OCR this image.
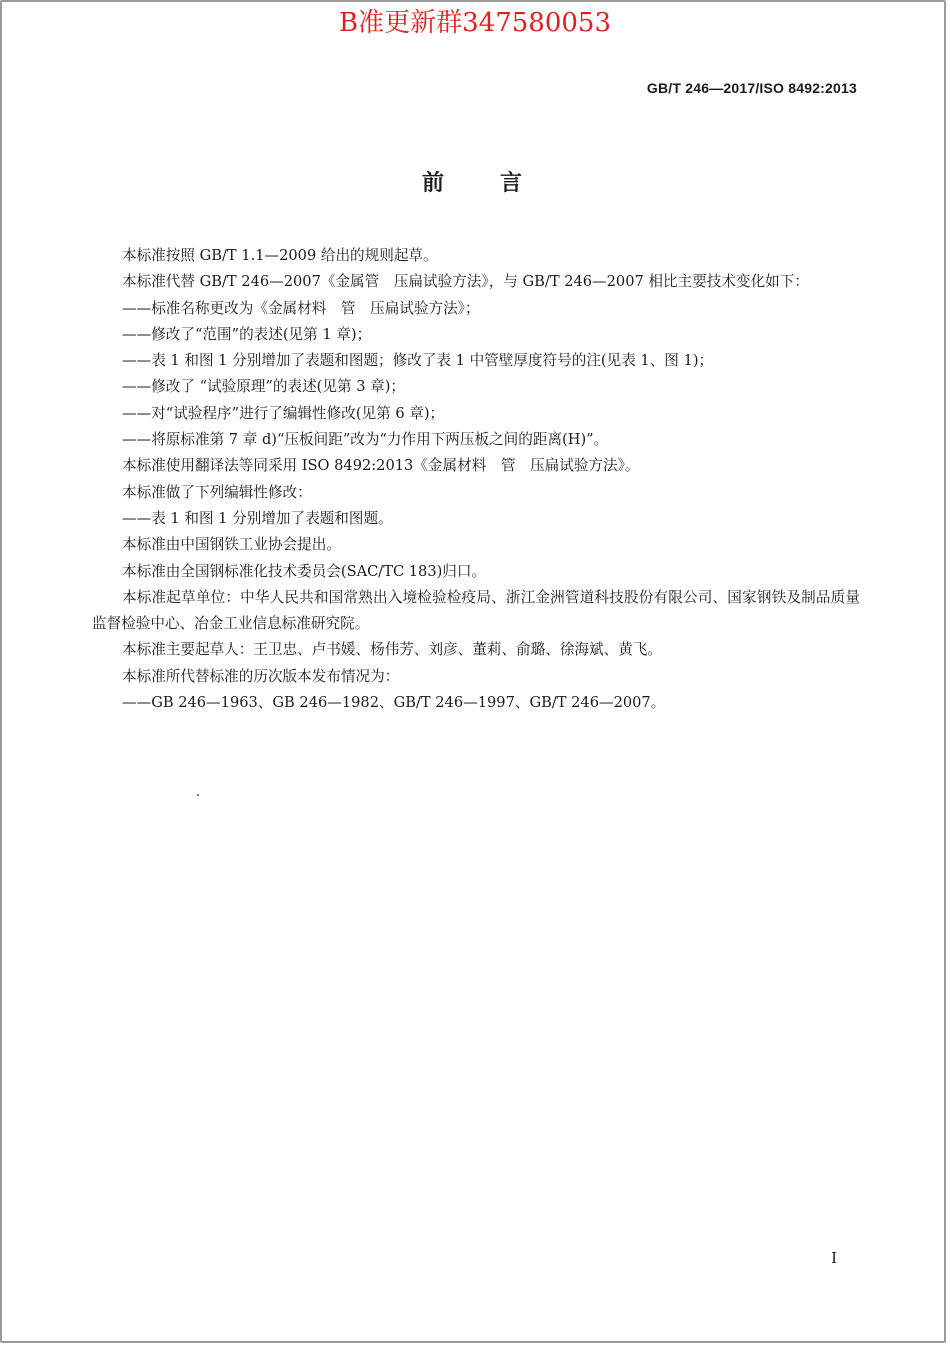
B准更新群347580053
GB/T 246—2017/ISO 8492:2013
前言

本标准按照 GB/T 1.1—2009 给出的规则起草。

本标准代替 GB/T 246—2007《金属管　压扁试验方法》，与 GB/T 246—2007 相比主要技术变化如下：

——标准名称更改为《金属材料　管　压扁试验方法》；

——修改了“范围”的表述(见第 1 章)；

——表 1 和图 1 分别增加了表题和图题；修改了表 1 中管壁厚度符号的注(见表 1、图 1)；

——修改了 “试验原理”的表述(见第 3 章)；

——对“试验程序”进行了编辑性修改(见第 6 章)；

——将原标准第 7 章 d)“压板间距”改为“力作用下两压板之间的距离(H)”。

本标准使用翻译法等同采用 ISO 8492:2013《金属材料　管　压扁试验方法》。

本标准做了下列编辑性修改：

——表 1 和图 1 分别增加了表题和图题。

本标准由中国钢铁工业协会提出。

本标准由全国钢标准化技术委员会(SAC/TC 183)归口。

本标准起草单位：中华人民共和国常熟出入境检验检疫局、浙江金洲管道科技股份有限公司、国家钢铁及制品质量监督检验中心、冶金工业信息标准研究院。

本标准主要起草人：王卫忠、卢书媛、杨伟芳、刘彦、董莉、俞璐、徐海斌、黄飞。

本标准所代替标准的历次版本发布情况为：

——GB 246—1963、GB 246—1982、GB/T 246—1997、GB/T 246—2007。

I
